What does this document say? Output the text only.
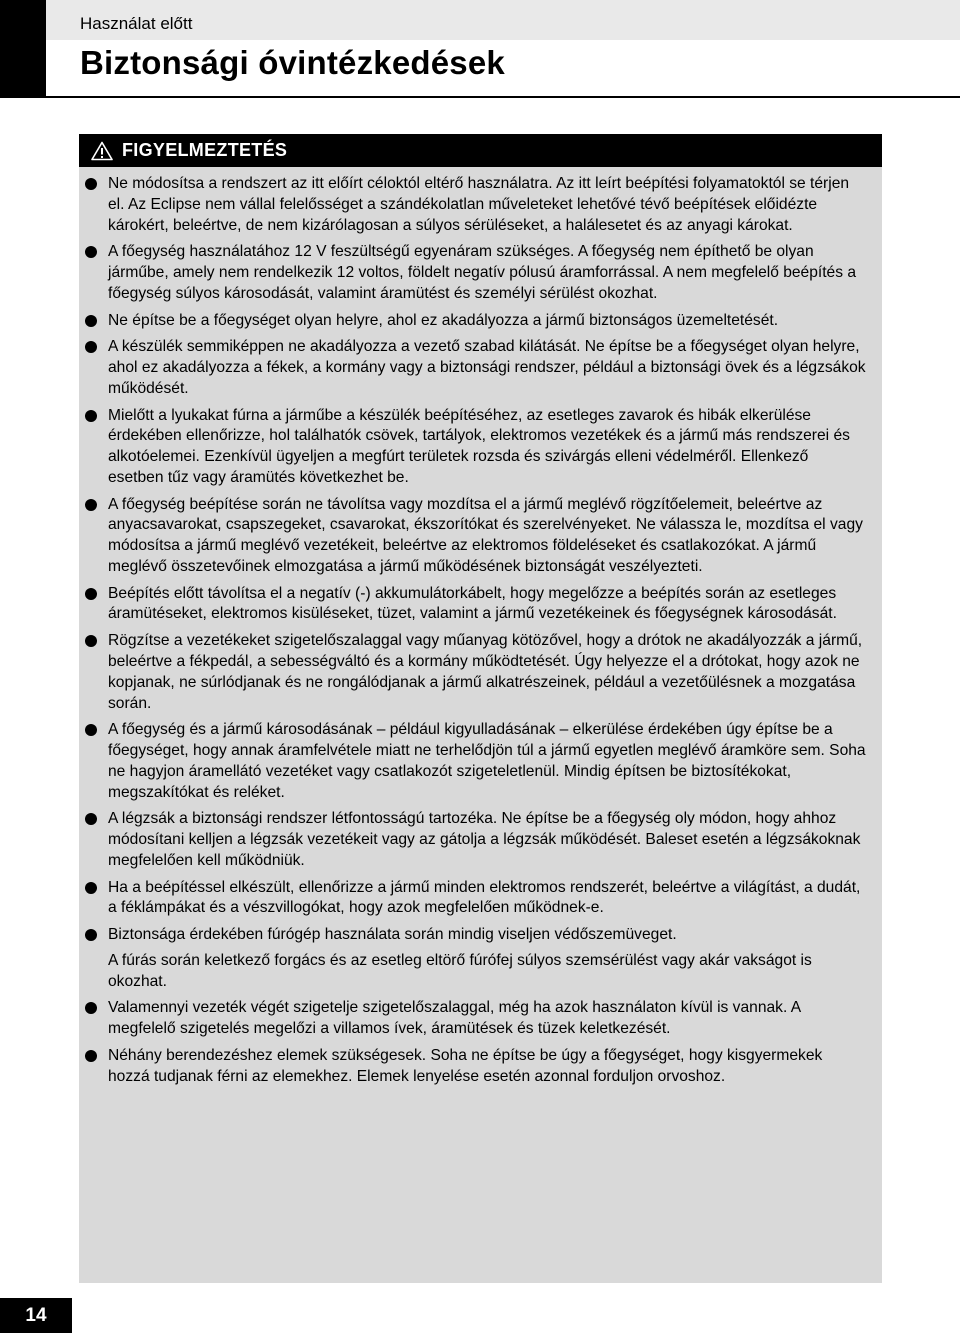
Használat előtt
Biztonsági óvintézkedések
FIGYELMEZTETÉS
Ne módosítsa a rendszert az itt előírt céloktól eltérő használatra. Az itt leírt beépítési folyamatoktól se térjen el. Az Eclipse nem vállal felelősséget a szándékolatlan műveleteket lehetővé tévő beépítések előidézte károkért, beleértve, de nem kizárólagosan a súlyos sérüléseket, a halálesetet és az anyagi károkat.
A főegység használatához 12 V feszültségű egyenáram szükséges. A főegység nem építhető be olyan járműbe, amely nem rendelkezik 12 voltos, földelt negatív pólusú áramforrással. A nem megfelelő beépítés a főegység súlyos károsodását, valamint áramütést és személyi sérülést okozhat.
Ne építse be a főegységet olyan helyre, ahol ez akadályozza a jármű biztonságos üzemeltetését.
A készülék semmiképpen ne akadályozza a vezető szabad kilátását. Ne építse be a főegységet olyan helyre, ahol ez akadályozza a fékek, a kormány vagy a biztonsági rendszer, például a biztonsági övek és a légzsákok működését.
Mielőtt a lyukakat fúrna a járműbe a készülék beépítéséhez, az esetleges zavarok és hibák elkerülése érdekében ellenőrizze, hol találhatók csövek, tartályok, elektromos vezetékek és a jármű más rendszerei és alkotóelemei. Ezenkívül ügyeljen a megfúrt területek rozsda és szivárgás elleni védelméről. Ellenkező esetben tűz vagy áramütés következhet be.
A főegység beépítése során ne távolítsa vagy mozdítsa el a jármű meglévő rögzítőelemeit, beleértve az anyacsavarokat, csapszegeket, csavarokat, ékszorítókat és szerelvényeket. Ne válassza le, mozdítsa el vagy módosítsa a jármű meglévő vezetékeit, beleértve az elektromos földeléseket és csatlakozókat. A jármű meglévő összetevőinek elmozgatása a jármű működésének biztonságát veszélyezteti.
Beépítés előtt távolítsa el a negatív (-) akkumulátorkábelt, hogy megelőzze a beépítés során az esetleges áramütéseket, elektromos kisüléseket, tüzet, valamint a jármű vezetékeinek és főegységnek károsodását.
Rögzítse a vezetékeket szigetelőszalaggal vagy műanyag kötözővel, hogy a drótok ne akadályozzák a jármű, beleértve a fékpedál, a sebességváltó és a kormány működtetését. Úgy helyezze el a drótokat, hogy azok ne kopjanak, ne súrlódjanak és ne rongálódjanak a jármű alkatrészeinek, például a vezetőülésnek a mozgatása során.
A főegység és a jármű károsodásának – például kigyulladásának – elkerülése érdekében úgy építse be a főegységet, hogy annak áramfelvétele miatt ne terhelődjön túl a jármű egyetlen meglévő áramköre sem. Soha ne hagyjon áramellátó vezetéket vagy csatlakozót szigeteletlenül. Mindig építsen be biztosítékokat, megszakítókat és reléket.
A légzsák a biztonsági rendszer létfontosságú tartozéka. Ne építse be a főegység oly módon, hogy ahhoz módosítani kelljen a légzsák vezetékeit vagy az gátolja a légzsák működését. Baleset esetén a légzsákoknak megfelelően kell működniük.
Ha a beépítéssel elkészült, ellenőrizze a jármű minden elektromos rendszerét, beleértve a világítást, a dudát, a féklámpákat és a vészvillogókat, hogy azok megfelelően működnek-e.
Biztonsága érdekében fúrógép használata során mindig viseljen védőszemüveget.
A fúrás során keletkező forgács és az esetleg eltörő fúrófej súlyos szemsérülést vagy akár vakságot is okozhat.
Valamennyi vezeték végét szigetelje szigetelőszalaggal, még ha azok használaton kívül is vannak. A megfelelő szigetelés megelőzi a villamos ívek, áramütések és tüzek keletkezését.
Néhány berendezéshez elemek szükségesek. Soha ne építse be úgy a főegységet, hogy kisgyermekek hozzá tudjanak férni az elemekhez. Elemek lenyelése esetén azonnal forduljon orvoshoz.
14
